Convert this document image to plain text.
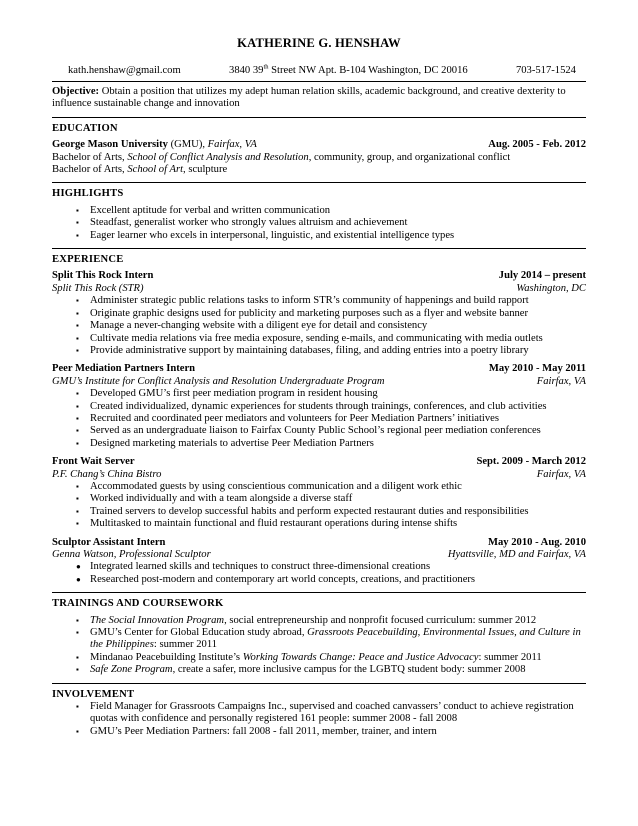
KATHERINE G. HENSHAW
kath.henshaw@gmail.com	3840 39th Street NW Apt. B-104 Washington, DC 20016	703-517-1524
Objective: Obtain a position that utilizes my adept human relation skills, academic background, and creative dexterity to influence sustainable change and innovation
EDUCATION
George Mason University (GMU), Fairfax, VA	Aug. 2005 - Feb. 2012
Bachelor of Arts, School of Conflict Analysis and Resolution, community, group, and organizational conflict
Bachelor of Arts, School of Art, sculpture
HIGHLIGHTS
▪ Excellent aptitude for verbal and written communication
▪ Steadfast, generalist worker who strongly values altruism and achievement
▪ Eager learner who excels in interpersonal, linguistic, and existential intelligence types
EXPERIENCE
Split This Rock Intern	July 2014 – present
Split This Rock (STR)	Washington, DC
▪ Administer strategic public relations tasks to inform STR’s community of happenings and build rapport
▪ Originate graphic designs used for publicity and marketing purposes such as a flyer and website banner
▪ Manage a never-changing website with a diligent eye for detail and consistency
▪ Cultivate media relations via free media exposure, sending e-mails, and communicating with media outlets
▪ Provide administrative support by maintaining databases, filing, and adding entries into a poetry library
Peer Mediation Partners Intern	May 2010 - May 2011
GMU’s Institute for Conflict Analysis and Resolution Undergraduate Program	Fairfax, VA
▪ Developed GMU’s first peer mediation program in resident housing
▪ Created individualized, dynamic experiences for students through trainings, conferences, and club activities
▪ Recruited and coordinated peer mediators and volunteers for Peer Mediation Partners’ initiatives
▪ Served as an undergraduate liaison to Fairfax County Public School’s regional peer mediation conferences
▪ Designed marketing materials to advertise Peer Mediation Partners
Front Wait Server	Sept. 2009 - March 2012
P.F. Chang’s China Bistro	Fairfax, VA
▪ Accommodated guests by using conscientious communication and a diligent work ethic
▪ Worked individually and with a team alongside a diverse staff
▪ Trained servers to develop successful habits and perform expected restaurant duties and responsibilities
▪ Multitasked to maintain functional and fluid restaurant operations during intense shifts
Sculptor Assistant Intern	May 2010 - Aug. 2010
Genna Watson, Professional Sculptor	Hyattsville, MD and Fairfax, VA
● Integrated learned skills and techniques to construct three-dimensional creations
● Researched post-modern and contemporary art world concepts, creations, and practitioners
TRAININGS AND COURSEWORK
▪ The Social Innovation Program, social entrepreneurship and nonprofit focused curriculum: summer 2012
▪ GMU’s Center for Global Education study abroad, Grassroots Peacebuilding, Environmental Issues, and Culture in the Philippines: summer 2011
▪ Mindanao Peacebuilding Institute’s Working Towards Change: Peace and Justice Advocacy: summer 2011
▪ Safe Zone Program, create a safer, more inclusive campus for the LGBTQ student body: summer 2008
INVOLVEMENT
▪ Field Manager for Grassroots Campaigns Inc., supervised and coached canvassers’ conduct to achieve registration quotas with confidence and personally registered 161 people: summer 2008 - fall 2008
▪ GMU’s Peer Mediation Partners: fall 2008 - fall 2011, member, trainer, and intern
